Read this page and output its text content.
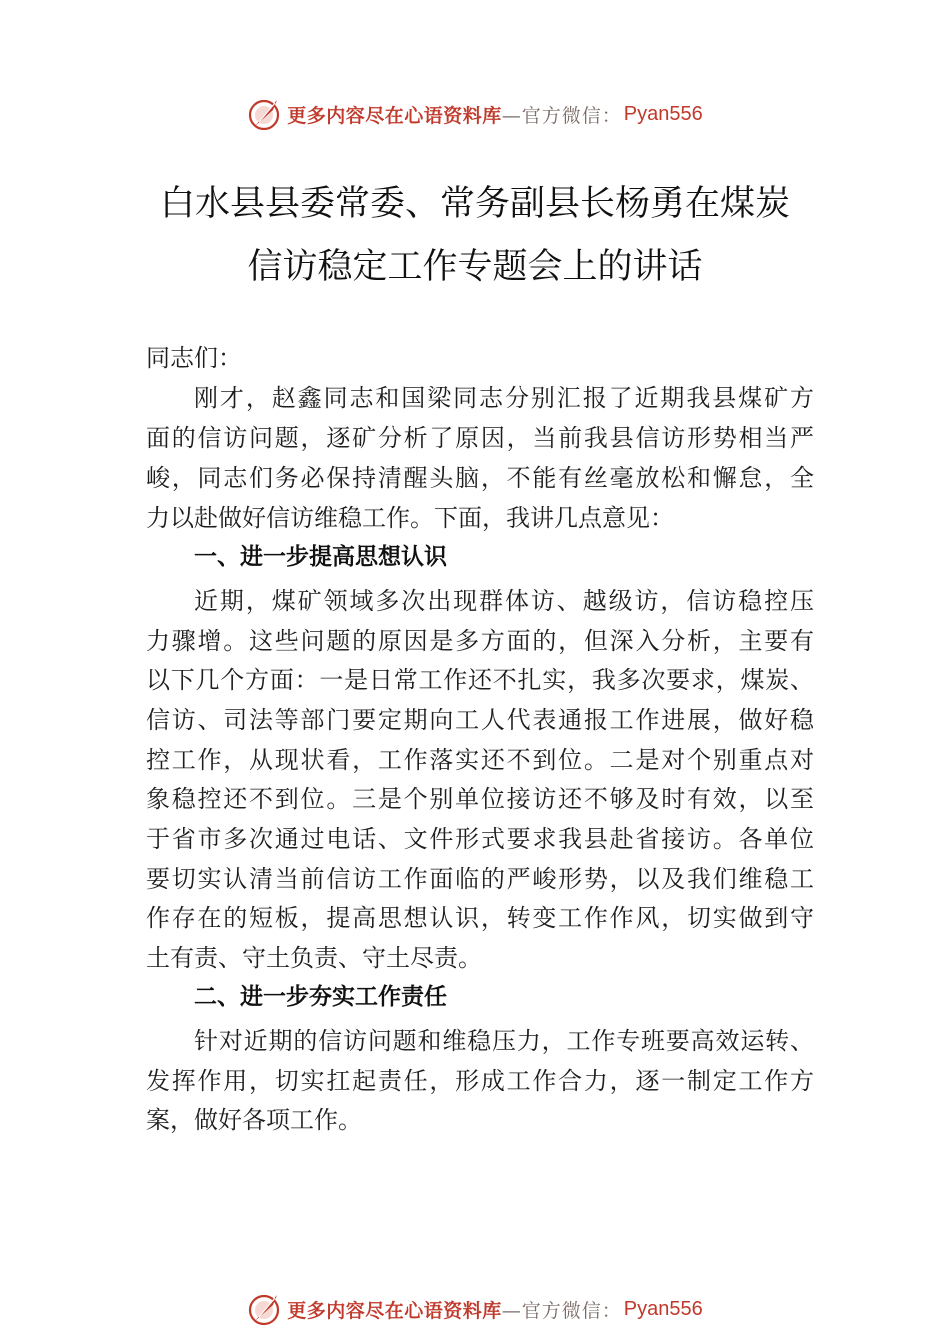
更多内容尽在心语资料库 —官方微信： Pyan556
白水县县委常委、常务副县长杨勇在煤炭
信访稳定工作专题会上的讲话
同志们：
刚才，赵鑫同志和国梁同志分别汇报了近期我县煤矿方
面的信访问题，逐矿分析了原因，当前我县信访形势相当严
峻，同志们务必保持清醒头脑，不能有丝毫放松和懈怠，全
力以赴做好信访维稳工作。下面，我讲几点意见：
一、进一步提高思想认识
近期，煤矿领域多次出现群体访、越级访，信访稳控压
力骤增。这些问题的原因是多方面的，但深入分析，主要有
以下几个方面：一是日常工作还不扎实，我多次要求，煤炭、
信访、司法等部门要定期向工人代表通报工作进展，做好稳
控工作，从现状看，工作落实还不到位。二是对个别重点对
象稳控还不到位。三是个别单位接访还不够及时有效，以至
于省市多次通过电话、文件形式要求我县赴省接访。各单位
要切实认清当前信访工作面临的严峻形势，以及我们维稳工
作存在的短板，提高思想认识，转变工作作风，切实做到守
土有责、守土负责、守土尽责。
二、进一步夯实工作责任
针对近期的信访问题和维稳压力，工作专班要高效运转、
发挥作用，切实扛起责任，形成工作合力，逐一制定工作方
案，做好各项工作。
更多内容尽在心语资料库 —官方微信： Pyan556
